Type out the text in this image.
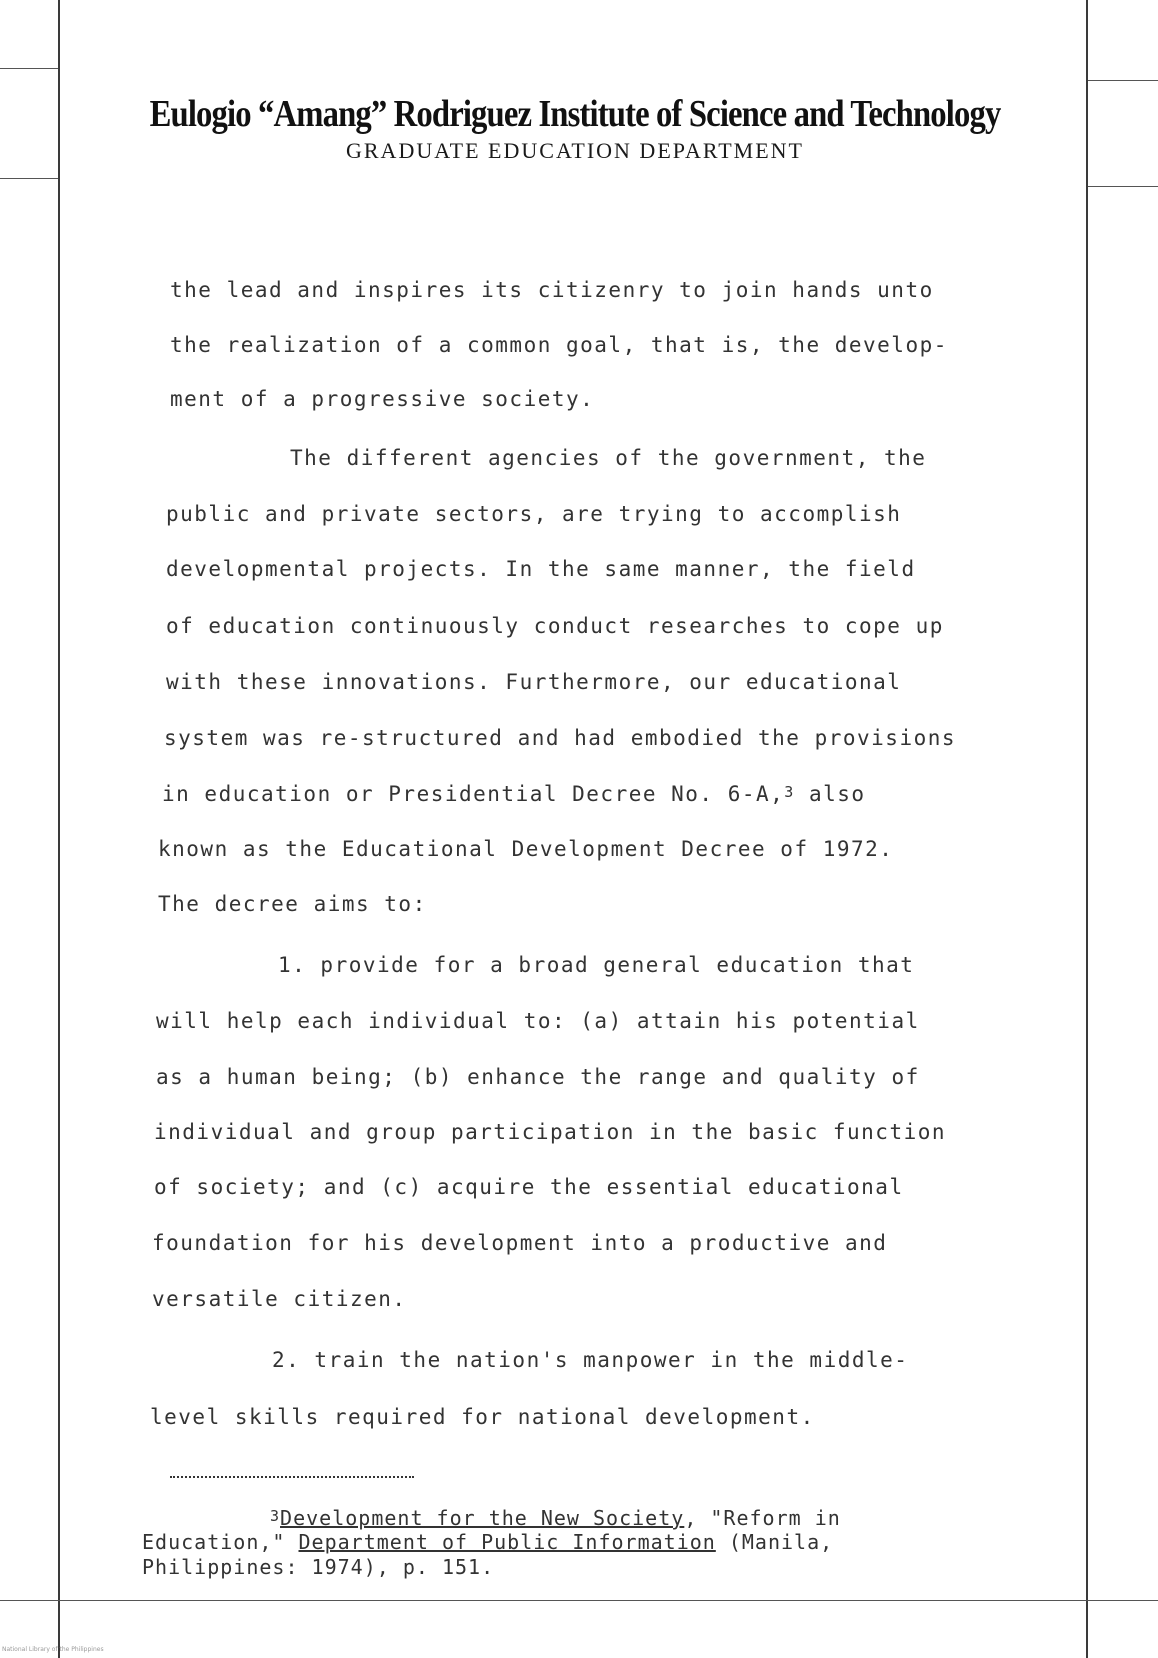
Eulogio “Amang” Rodriguez Institute of Science and Technology
GRADUATE EDUCATION DEPARTMENT
the lead and inspires its citizenry to join hands unto
the realization of a common goal, that is, the develop-
ment of a progressive society.
The different agencies of the government, the
public and private sectors, are trying to accomplish
developmental projects. In the same manner, the field
of education continuously conduct researches to cope up
with these innovations. Furthermore, our educational
system was re-structured and had embodied the provisions
in education or Presidential Decree No. 6-A,$^3$ also
known as the Educational Development Decree of 1972.
The decree aims to:
1. provide for a broad general education that
will help each individual to: (a) attain his potential
as a human being; (b) enhance the range and quality of
individual and group participation in the basic function
of society; and (c) acquire the essential educational
foundation for his development into a productive and
versatile citizen.
2. train the nation's manpower in the middle-
level skills required for national development.
$^3$Development for the New Society, "Reform in
Education," Department of Public Information (Manila,
Philippines: 1974), p. 151.
National Library of the Philippines
